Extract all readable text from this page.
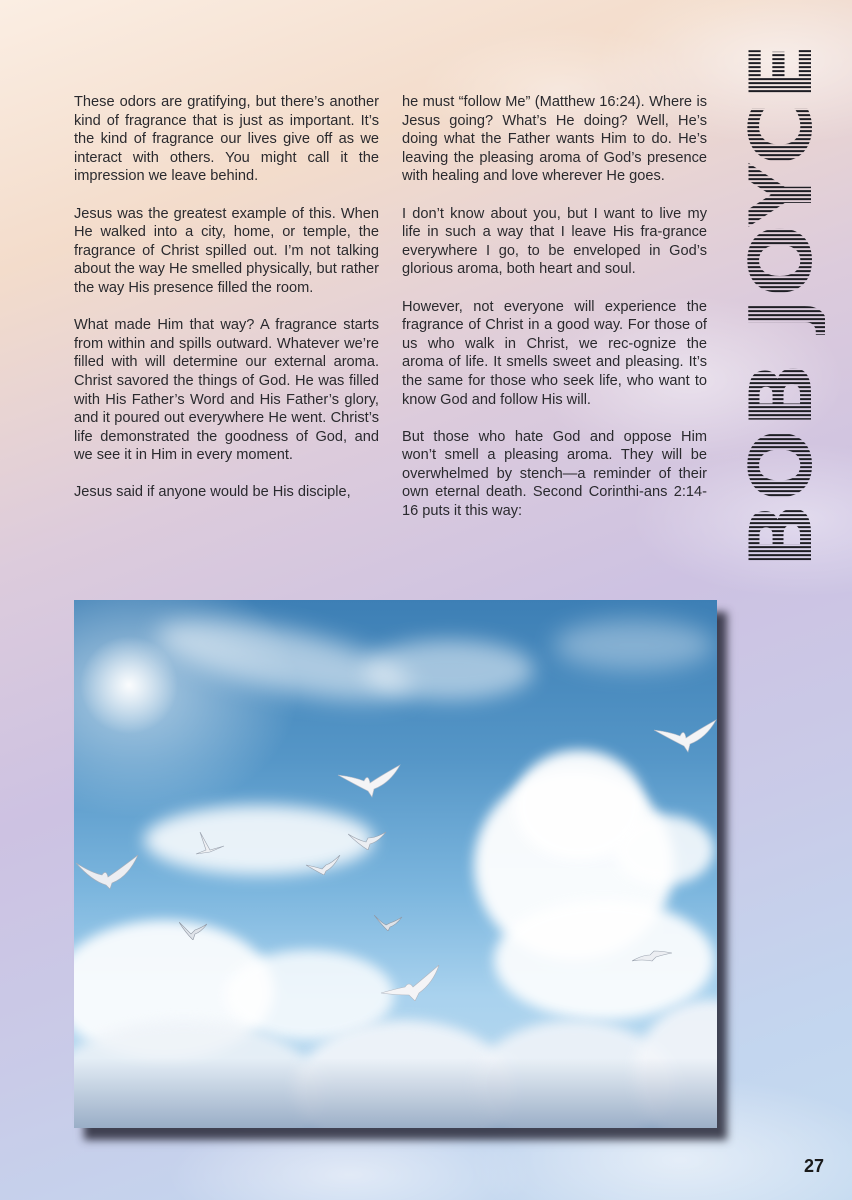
These odors are gratifying, but there’s another kind of fragrance that is just as important. It’s the kind of fragrance our lives give off as we interact with others. You might call it the impression we leave behind.

Jesus was the greatest example of this. When He walked into a city, home, or temple, the fragrance of Christ spilled out. I’m not talking about the way He smelled physically, but rather the way His presence filled the room.

What made Him that way? A fragrance starts from within and spills outward. Whatever we’re filled with will determine our external aroma. Christ savored the things of God. He was filled with His Father’s Word and His Father’s glory, and it poured out everywhere He went. Christ’s life demonstrated the goodness of God, and we see it in Him in every moment.

Jesus said if anyone would be His disciple,

he must “follow Me” (Matthew 16:24). Where is Jesus going? What’s He doing? Well, He’s doing what the Father wants Him to do. He’s leaving the pleasing aroma of God’s presence with healing and love wherever He goes.

I don’t know about you, but I want to live my life in such a way that I leave His fra-grance everywhere I go, to be enveloped in God’s glorious aroma, both heart and soul.

However, not everyone will experience the fragrance of Christ in a good way. For those of us who walk in Christ, we rec-ognize the aroma of life. It smells sweet and pleasing. It’s the same for those who seek life, who want to know God and follow His will.

But those who hate God and oppose Him won’t smell a pleasing aroma. They will be overwhelmed by stench—a reminder of their own eternal death. Second Corinthi-ans 2:14-16 puts it this way:	BOB JOYCE
27
